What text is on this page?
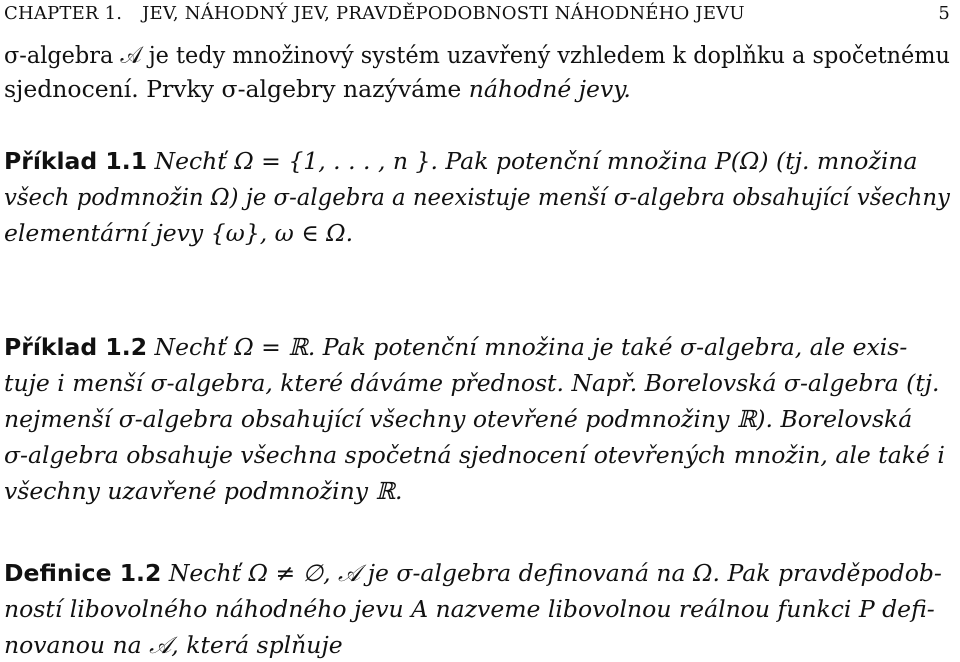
CHAPTER 1. JEV, NÁHODNÝ JEV, PRAVDĚPODOBNOSTI NÁHODNÉHO JEVU	5
σ-algebra 𝒜 je tedy množinový systém uzavřený vzhledem k doplňku a spočetnému
sjednocení. Prvky σ-algebry nazýváme náhodné jevy.
Příklad 1.1 Nechť Ω = {1, . . . , n }. Pak potenční množina P(Ω) (tj. množina
všech podmnožin Ω) je σ-algebra a neexistuje menší σ-algebra obsahující všechny
elementární jevy {ω}, ω ∈ Ω.
Příklad 1.2 Nechť Ω = ℝ. Pak potenční množina je také σ-algebra, ale exis-
tuje i menší σ-algebra, které dáváme přednost. Např. Borelovská σ-algebra (tj.
nejmenší σ-algebra obsahující všechny otevřené podmnožiny ℝ). Borelovská
σ-algebra obsahuje všechna spočetná sjednocení otevřených množin, ale také i
všechny uzavřené podmnožiny ℝ.
Definice 1.2 Nechť Ω ≠ ∅, 𝒜 je σ-algebra definovaná na Ω. Pak pravděpodob-
ností libovolného náhodného jevu A nazveme libovolnou reálnou funkci P defi-
novanou na 𝒜, která splňuje
